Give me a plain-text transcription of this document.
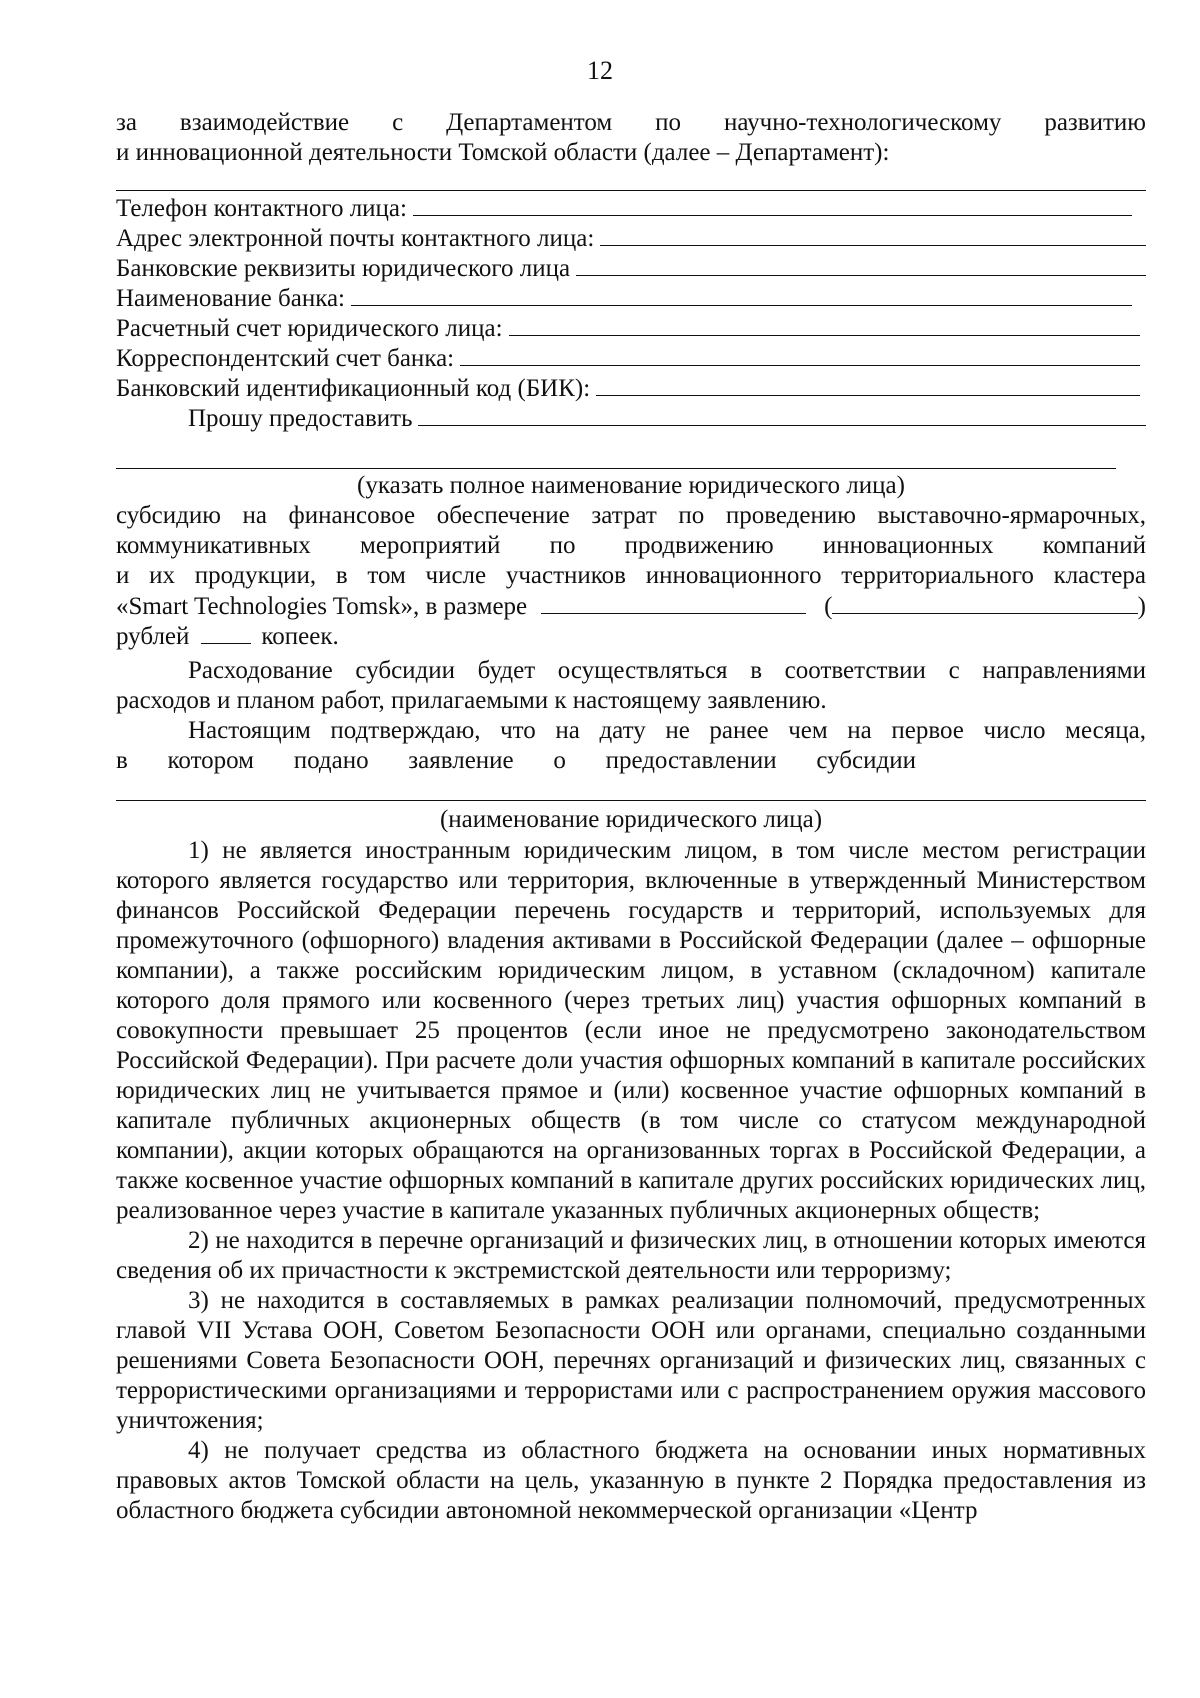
12
за взаимодействие с Департаментом по научно-технологическому развитию
и инновационной деятельности Томской области (далее – Департамент):
Телефон контактного лица:
Адрес электронной почты контактного лица:
Банковские реквизиты юридического лица
Наименование банка:
Расчетный счет юридического лица:
Корреспондентский счет банка:
Банковский идентификационный код (БИК):
Прошу предоставить
(указать полное наименование юридического лица)
субсидию на финансовое обеспечение затрат по проведению выставочно-ярмарочных,
коммуникативных мероприятий по продвижению инновационных компаний
и их продукции, в том числе участников инновационного территориального кластера
«Smart Technologies Tomsk», в размере	(	)
рублей	копеек.
Расходование субсидии будет осуществляться в соответствии с направлениями
расходов и планом работ, прилагаемыми к настоящему заявлению.
Настоящим подтверждаю, что на дату не ранее чем на первое число месяца,
в котором подано заявление о предоставлении субсидии
(наименование юридического лица)

1) не является иностранным юридическим лицом, в том числе местом регистрации которого является государство или территория, включенные в утвержденный Министерством финансов Российской Федерации перечень государств и территорий, используемых для промежуточного (офшорного) владения активами в Российской Федерации (далее – офшорные компании), а также российским юридическим лицом, в уставном (складочном) капитале которого доля прямого или косвенного (через третьих лиц) участия офшорных компаний в совокупности превышает 25 процентов (если иное не предусмотрено законодательством Российской Федерации). При расчете доли участия офшорных компаний в капитале российских юридических лиц не учитывается прямое и (или) косвенное участие офшорных компаний в капитале публичных акционерных обществ (в том числе со статусом международной компании), акции которых обращаются на организованных торгах в Российской Федерации, а также косвенное участие офшорных компаний в капитале других российских юридических лиц, реализованное через участие в капитале указанных публичных акционерных обществ;

2) не находится в перечне организаций и физических лиц, в отношении которых имеются сведения об их причастности к экстремистской деятельности или терроризму;

3) не находится в составляемых в рамках реализации полномочий, предусмотренных главой VII Устава ООН, Советом Безопасности ООН или органами, специально созданными решениями Совета Безопасности ООН, перечнях организаций и физических лиц, связанных с террористическими организациями и террористами или с распространением оружия массового уничтожения;

4) не получает средства из областного бюджета на основании иных нормативных правовых актов Томской области на цель, указанную в пункте 2 Порядка предоставления из областного бюджета субсидии автономной некоммерческой организации «Центр
